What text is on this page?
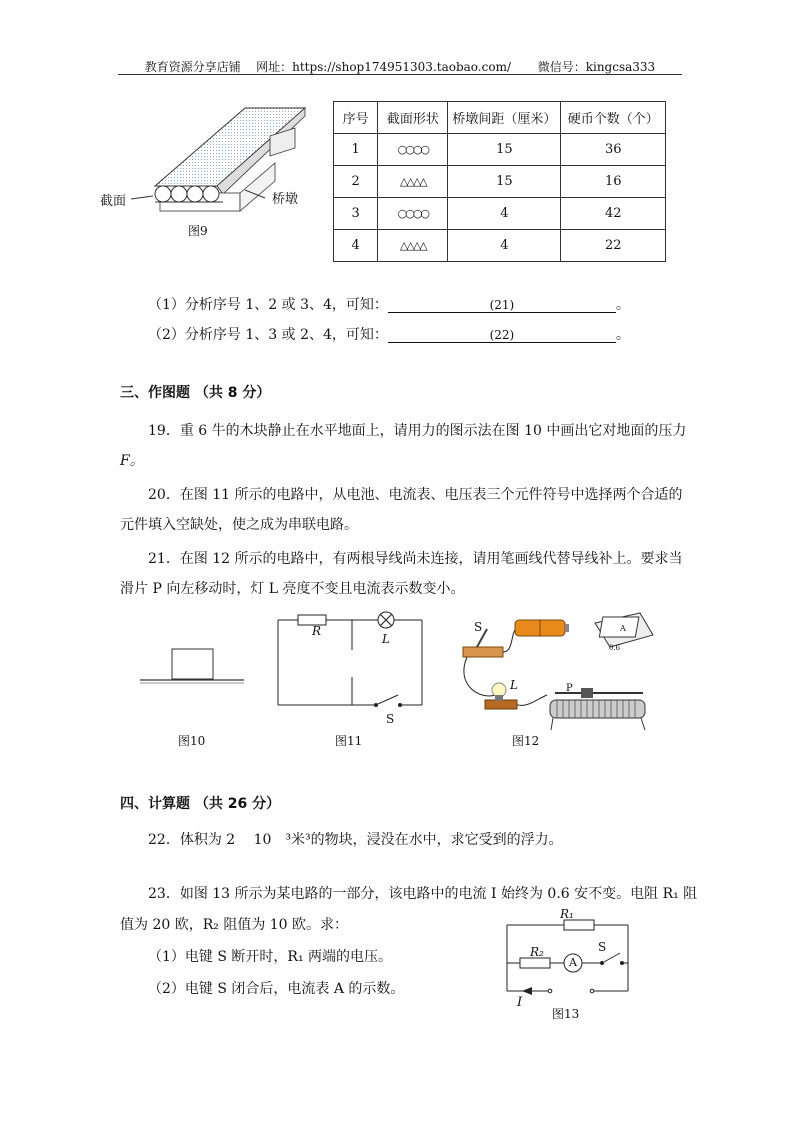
教育资源分享店铺 网址：https://shop174951303.taobao.com/ 微信号：kingcsa333
截面	桥墩
图9
序号	截面形状	桥墩间距（厘米）	硬币个数（个）
1	○○○○	15	36
2	△△△△	15	16
3	○○○○	4	42
4	△△△△	4	22
（1）分析序号 1、2 或 3、4，可知：	(21)	。
（2）分析序号 1、3 或 2、4，可知：	(22)	。
三、作图题 （共 8 分）
19．重 6 牛的木块静止在水平地面上，请用力的图示法在图 10 中画出它对地面的压力
F。
20．在图 11 所示的电路中，从电池、电流表、电压表三个元件符号中选择两个合适的
元件填入空缺处，使之成为串联电路。
21．在图 12 所示的电路中，有两根导线尚未连接，请用笔画线代替导线补上。要求当
滑片 P 向左移动时，灯 L 亮度不变且电流表示数变小。
图10
R
L
S
图11
S
L	P
A
0.6
图12
四、计算题 （共 26 分）
22．体积为 2　 10　³米³的物块，浸没在水中，求它受到的浮力。
23．如图 13 所示为某电路的一部分，该电路中的电流 I 始终为 0.6 安不变。电阻 R₁ 阻
值为 20 欧，R₂ 阻值为 10 欧。求：
（1）电键 S 断开时，R₁ 两端的电压。
（2）电键 S 闭合后，电流表 A 的示数。
R₁
R₂
A
S
I
图13
